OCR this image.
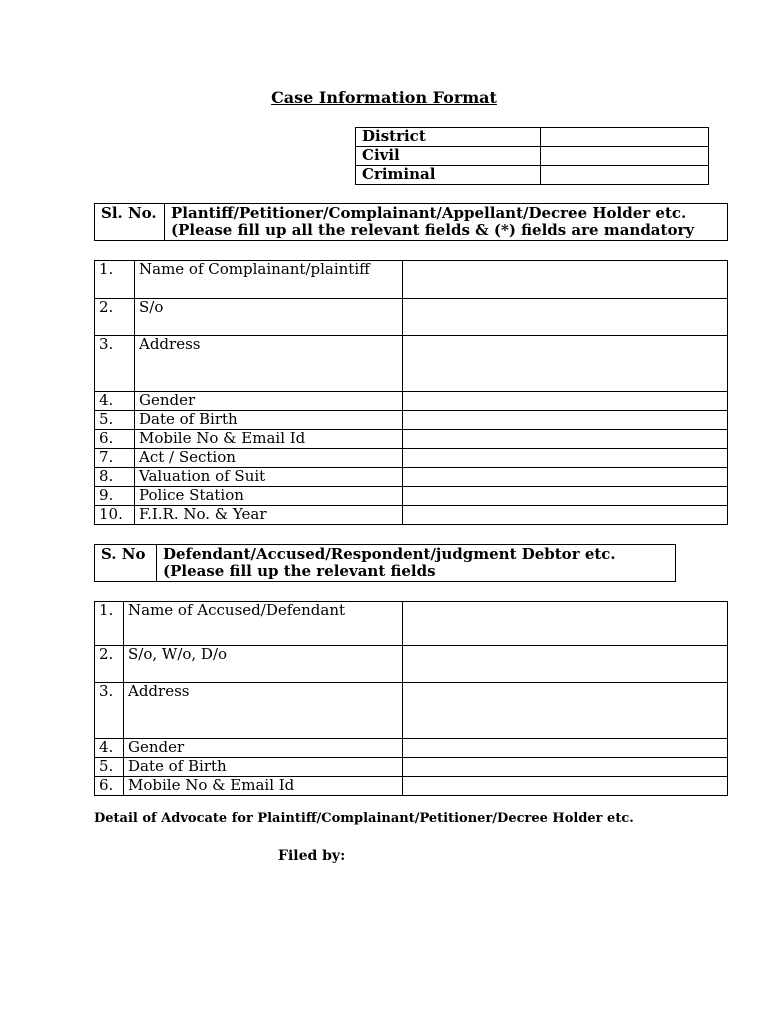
Case Information Format
District	
Civil	
Criminal	
Sl. No.	Plantiff/Petitioner/Complainant/Appellant/Decree Holder etc.
(Please fill up all the relevant fields & (*) fields are mandatory
1.	Name of Complainant/plaintiff	
2.	S/o	
3.	Address	
4.	Gender	
5.	Date of Birth	
6.	Mobile No & Email Id	
7.	Act / Section	
8.	Valuation of Suit	
9.	Police Station	
10.	F.I.R. No. & Year	
S. No	Defendant/Accused/Respondent/judgment Debtor etc.
(Please fill up the relevant fields
1.	Name of Accused/Defendant	
2.	S/o, W/o, D/o	
3.	Address	
4.	Gender	
5.	Date of Birth	
6.	Mobile No & Email Id	
Detail of Advocate for Plaintiff/Complainant/Petitioner/Decree Holder etc.
Filed by:
